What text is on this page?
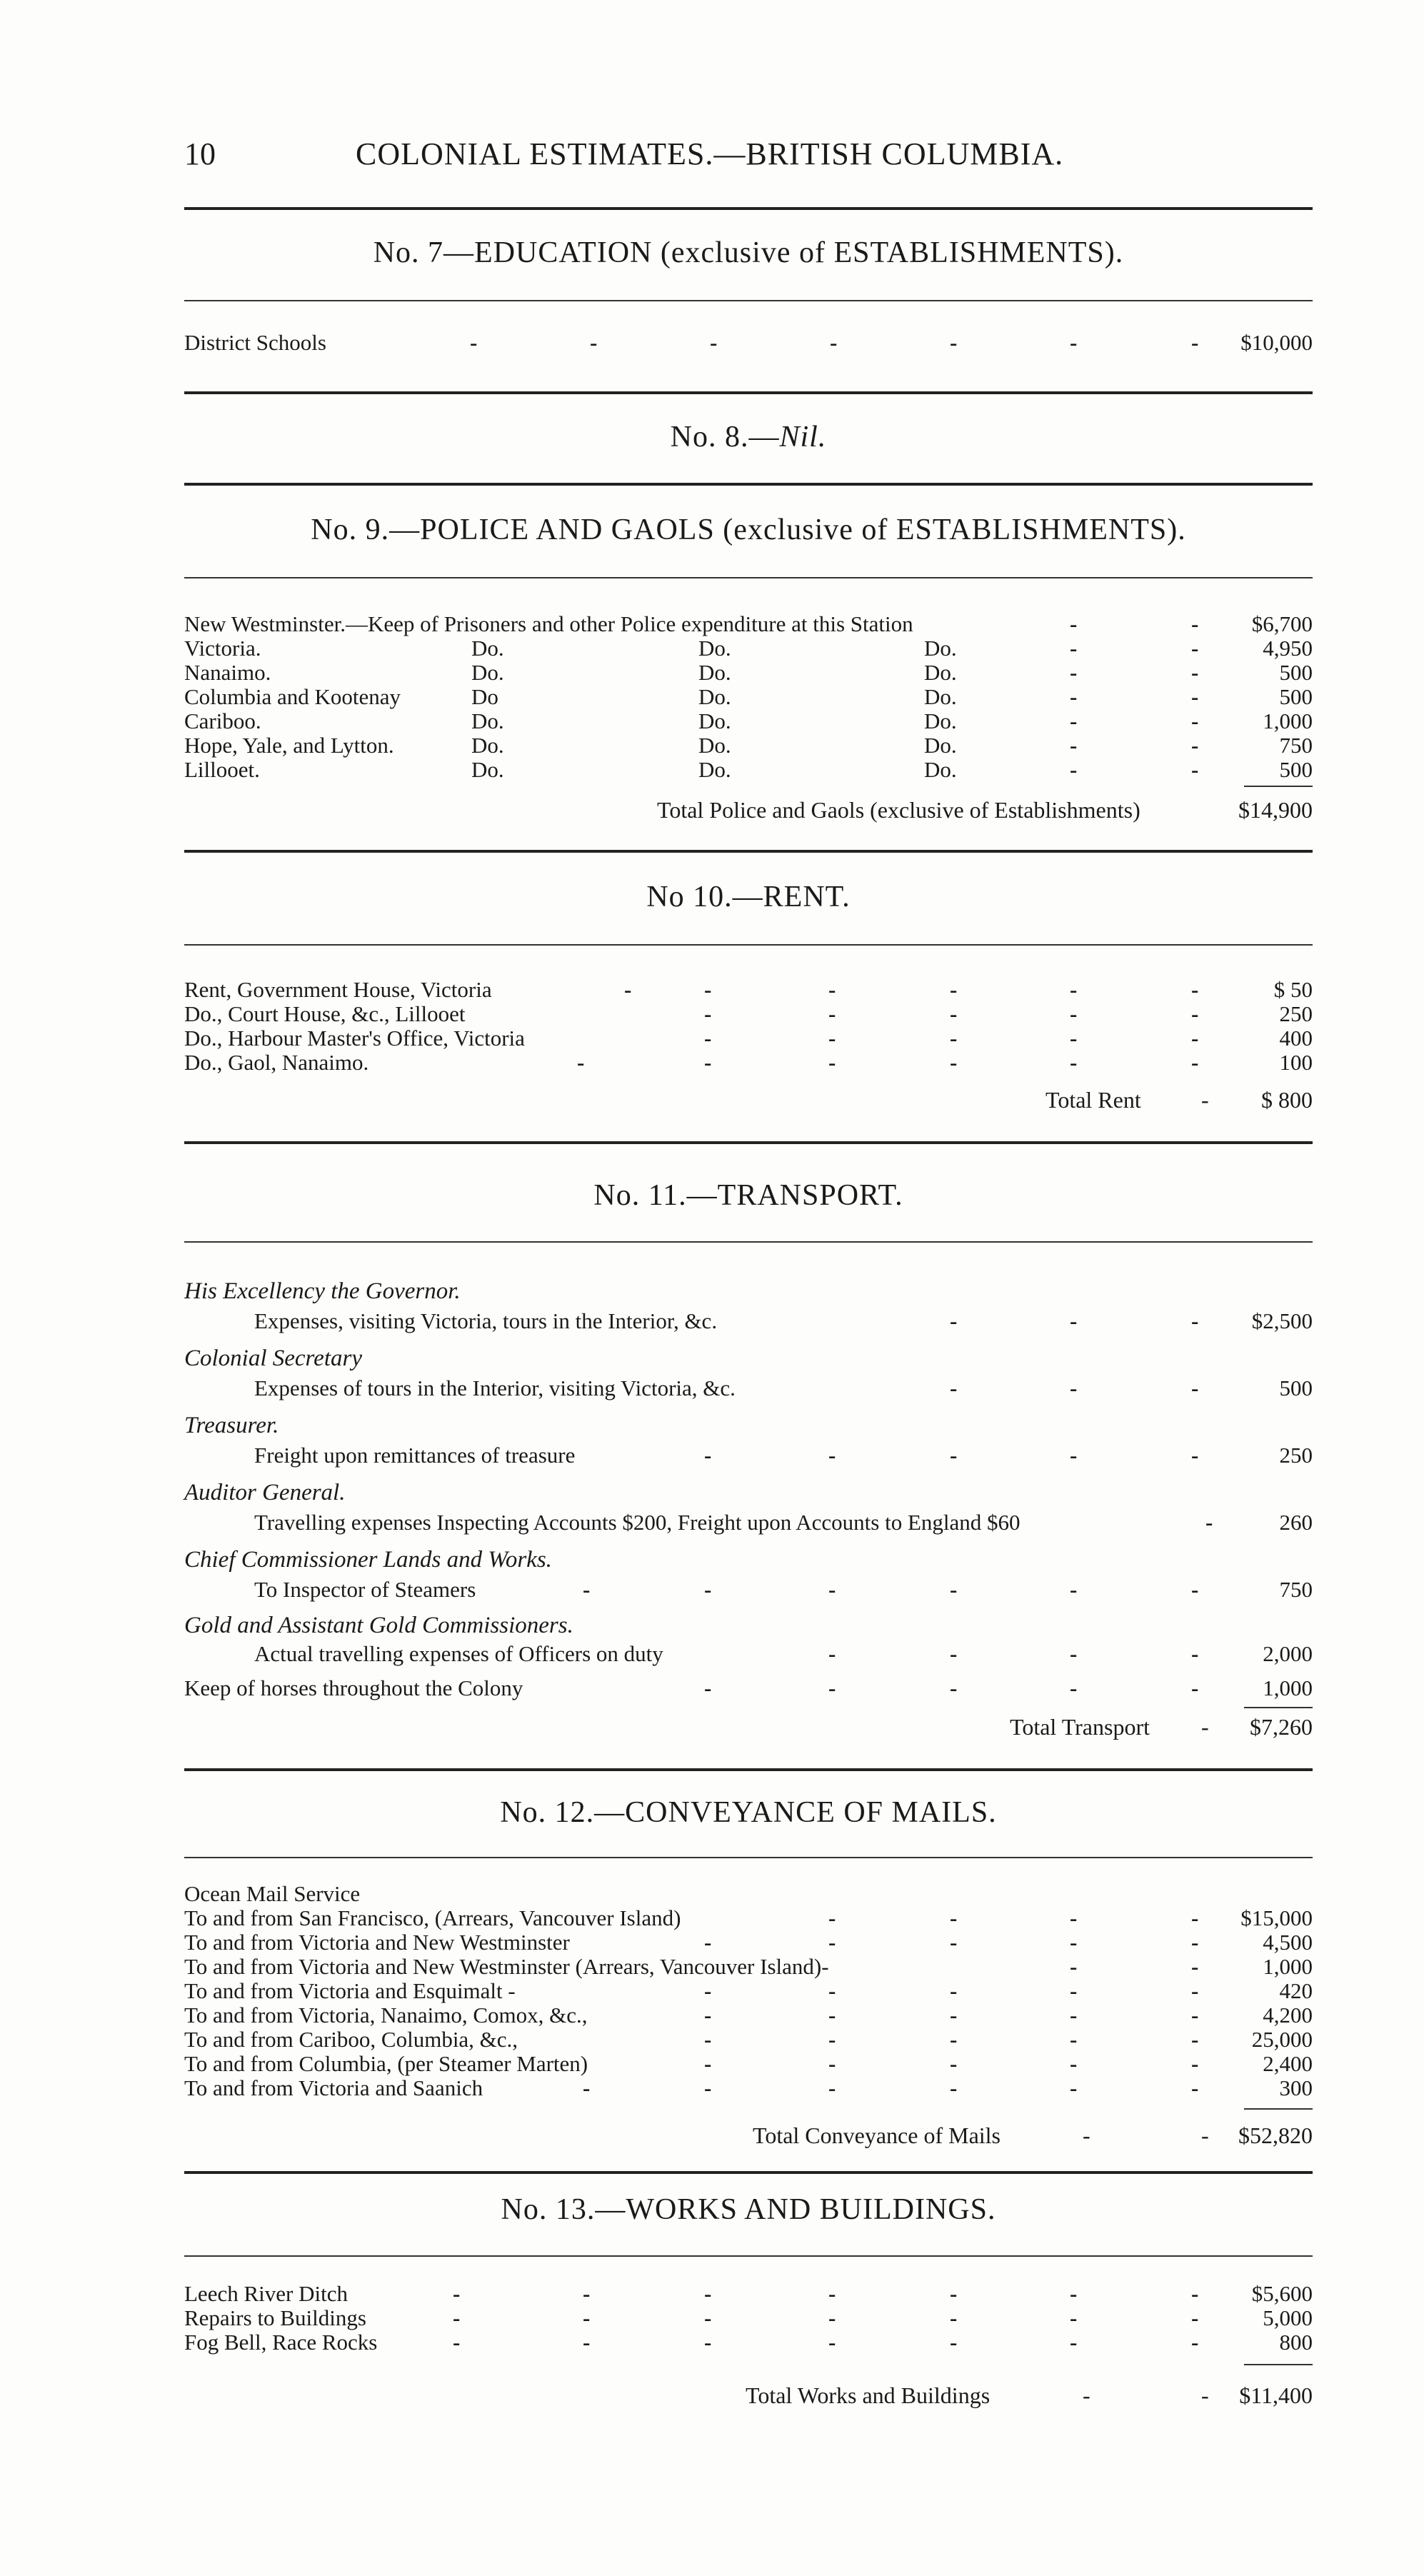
10	COLONIAL ESTIMATES.—BRITISH COLUMBIA.
No. 7—EDUCATION (exclusive of ESTABLISHMENTS).
District Schools	-	-	-	-	-	-	- $10,000
No. 8.—Nil.
No. 9.—POLICE AND GAOLS (exclusive of ESTABLISHMENTS).
New Westminster.—Keep of Prisoners and other Police expenditure at this Station	-	- $6,700
Victoria.	Do.	Do.	Do.	-	-	4,950
Nanaimo.	Do.	Do.	Do.	-	-	500
Columbia and Kootenay	Do	Do.	Do.	-	-	500
Cariboo.	Do.	Do.	Do.	-	-	1,000
Hope, Yale, and Lytton.	Do.	Do.	Do.	-	-	750
Lillooet.	Do.	Do.	Do.	-	-	500
Total Police and Gaols (exclusive of Establishments)	$14,900
No 10.—RENT.
Rent, Government House, Victoria	-	-	-	-	-	-	$ 50
Do., Court House, &c., Lillooet	-	-	-	-	-	250
Do., Harbour Master's Office, Victoria	-	-	-	-	-	400
Do., Gaol, Nanaimo.	-	-	-	-	-	-	100
Total Rent	- $ 800
No. 11.—TRANSPORT.
His Excellency the Governor.
Expenses, visiting Victoria, tours in the Interior, &c.	-	-	- $2,500
Colonial Secretary
Expenses of tours in the Interior, visiting Victoria, &c.	-	-	-	500
Treasurer.
Freight upon remittances of treasure	-	-	-	-	-	250
Auditor General.
Travelling expenses Inspecting Accounts $200, Freight upon Accounts to England $60	-	260
Chief Commissioner Lands and Works.
To Inspector of Steamers	-	-	-	-	-	-	750
Gold and Assistant Gold Commissioners.
Actual travelling expenses of Officers on duty	-	-	-	-	2,000
Keep of horses throughout the Colony	-	-	-	-	-	1,000
Total Transport - $7,260
No. 12.—CONVEYANCE OF MAILS.
Ocean Mail Service
To and from San Francisco, (Arrears, Vancouver Island)	-	-	-	- $15,000
To and from Victoria and New Westminster	-	-	-	-	-	4,500
To and from Victoria and New Westminster (Arrears, Vancouver Island)-	-	-	1,000
To and from Victoria and Esquimalt -	-	-	-	-	-	420
To and from Victoria, Nanaimo, Comox, &c.,	-	-	-	-	-	4,200
To and from Cariboo, Columbia, &c.,	-	-	-	-	- 25,000
To and from Columbia, (per Steamer Marten)	-	-	-	-	-	2,400
To and from Victoria and Saanich	-	-	-	-	-	-	300
Total Conveyance of Mails	-	- $52,820
No. 13.—WORKS AND BUILDINGS.
Leech River Ditch	-	-	-	-	-	-	- $5,600
Repairs to Buildings	-	-	-	-	-	-	-	5,000
Fog Bell, Race Rocks	-	-	-	-	-	-	-	800
Total Works and Buildings	-	- $11,400
